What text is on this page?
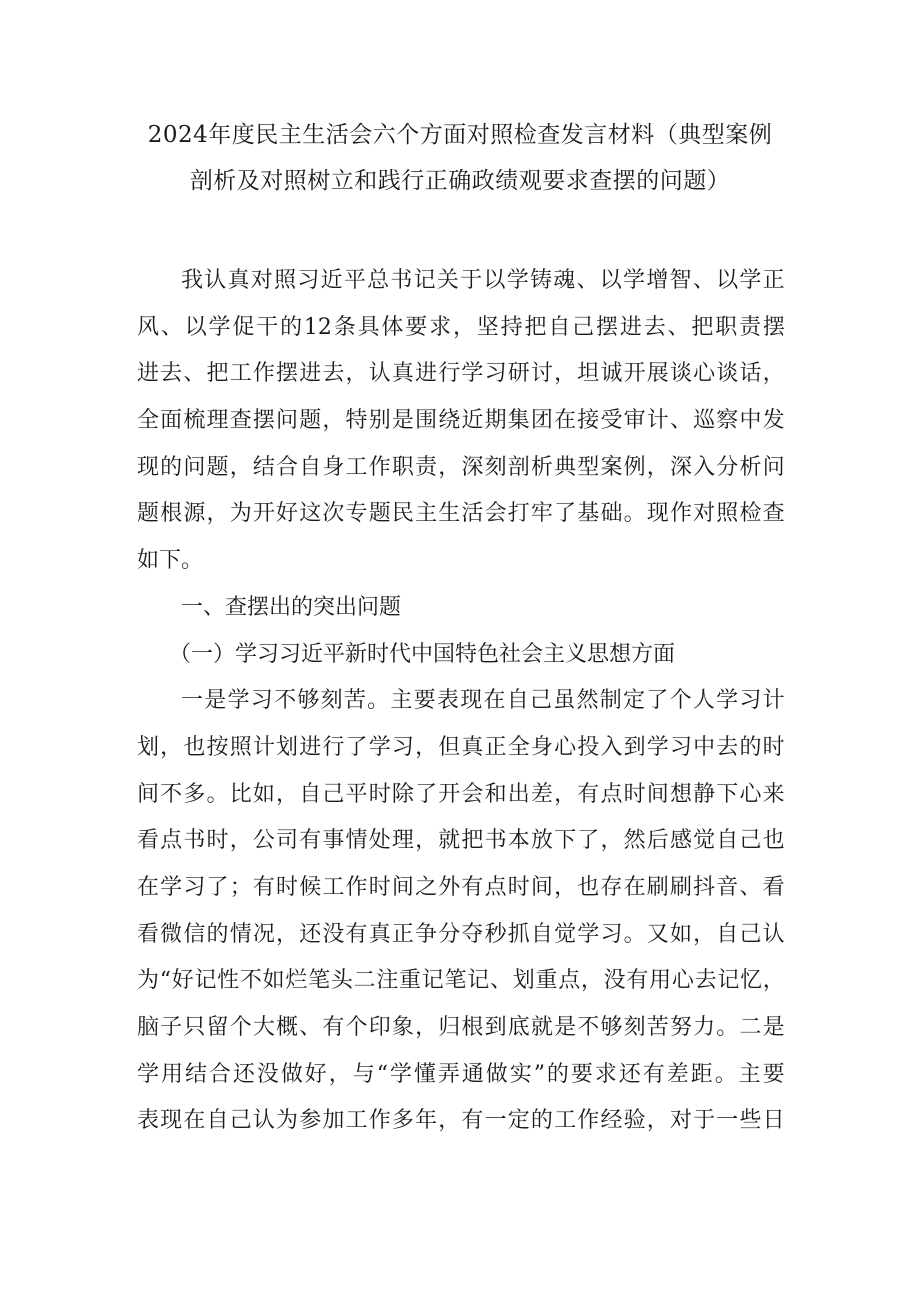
2024年度民主生活会六个方面对照检查发言材料（典型案例
剖析及对照树立和践行正确政绩观要求查摆的问题）
我 认 真 对 照 习 近 平 总 书 记 关 于 以 学 铸 魂 、 以 学 增 智 、 以 学 正
风 、 以 学 促 干 的 12 条 具 体 要 求 ， 坚 持 把 自 己 摆 进 去 、 把 职 责 摆
进 去 、 把 工 作 摆 进 去 ， 认 真 进 行 学 习 研 讨 ， 坦 诚 开 展 谈 心 谈 话 ，
全 面 梳 理 查 摆 问 题 ， 特 别 是 围 绕 近 期 集 团 在 接 受 审 计 、 巡 察 中 发
现 的 问 题 ， 结 合 自 身 工 作 职 责 ， 深 刻 剖 析 典 型 案 例 ， 深 入 分 析 问
题 根 源 ， 为 开 好 这 次 专 题 民 主 生 活 会 打 牢 了 基 础 。 现 作 对 照 检 查
如下。
一、查摆出的突出问题
（一）学习习近平新时代中国特色社会主义思想方面
一 是 学 习 不 够 刻 苦 。 主 要 表 现 在 自 己 虽 然 制 定 了 个 人 学 习 计
划 ， 也 按 照 计 划 进 行 了 学 习 ， 但 真 正 全 身 心 投 入 到 学 习 中 去 的 时
间 不 多 。 比 如 ， 自 己 平 时 除 了 开 会 和 出 差 ， 有 点 时 间 想 静 下 心 来
看 点 书 时 ， 公 司 有 事 情 处 理 ， 就 把 书 本 放 下 了 ， 然 后 感 觉 自 己 也
在 学 习 了 ； 有 时 候 工 作 时 间 之 外 有 点 时 间 ， 也 存 在 刷 刷 抖 音 、 看
看 微 信 的 情 况 ， 还 没 有 真 正 争 分 夺 秒 抓 自 觉 学 习 。 又 如 ， 自 己 认
为 “ 好 记 性 不 如 烂 笔 头 二 注 重 记 笔 记 、 划 重 点 ， 没 有 用 心 去 记 忆 ，
脑 子 只 留 个 大 概 、 有 个 印 象 ， 归 根 到 底 就 是 不 够 刻 苦 努 力 。 二 是
学 用 结 合 还 没 做 好 ， 与 “ 学 懂 弄 通 做 实 ” 的 要 求 还 有 差 距 。 主 要
表 现 在 自 己 认 为 参 加 工 作 多 年 ， 有 一 定 的 工 作 经 验 ， 对 于 一 些 日
